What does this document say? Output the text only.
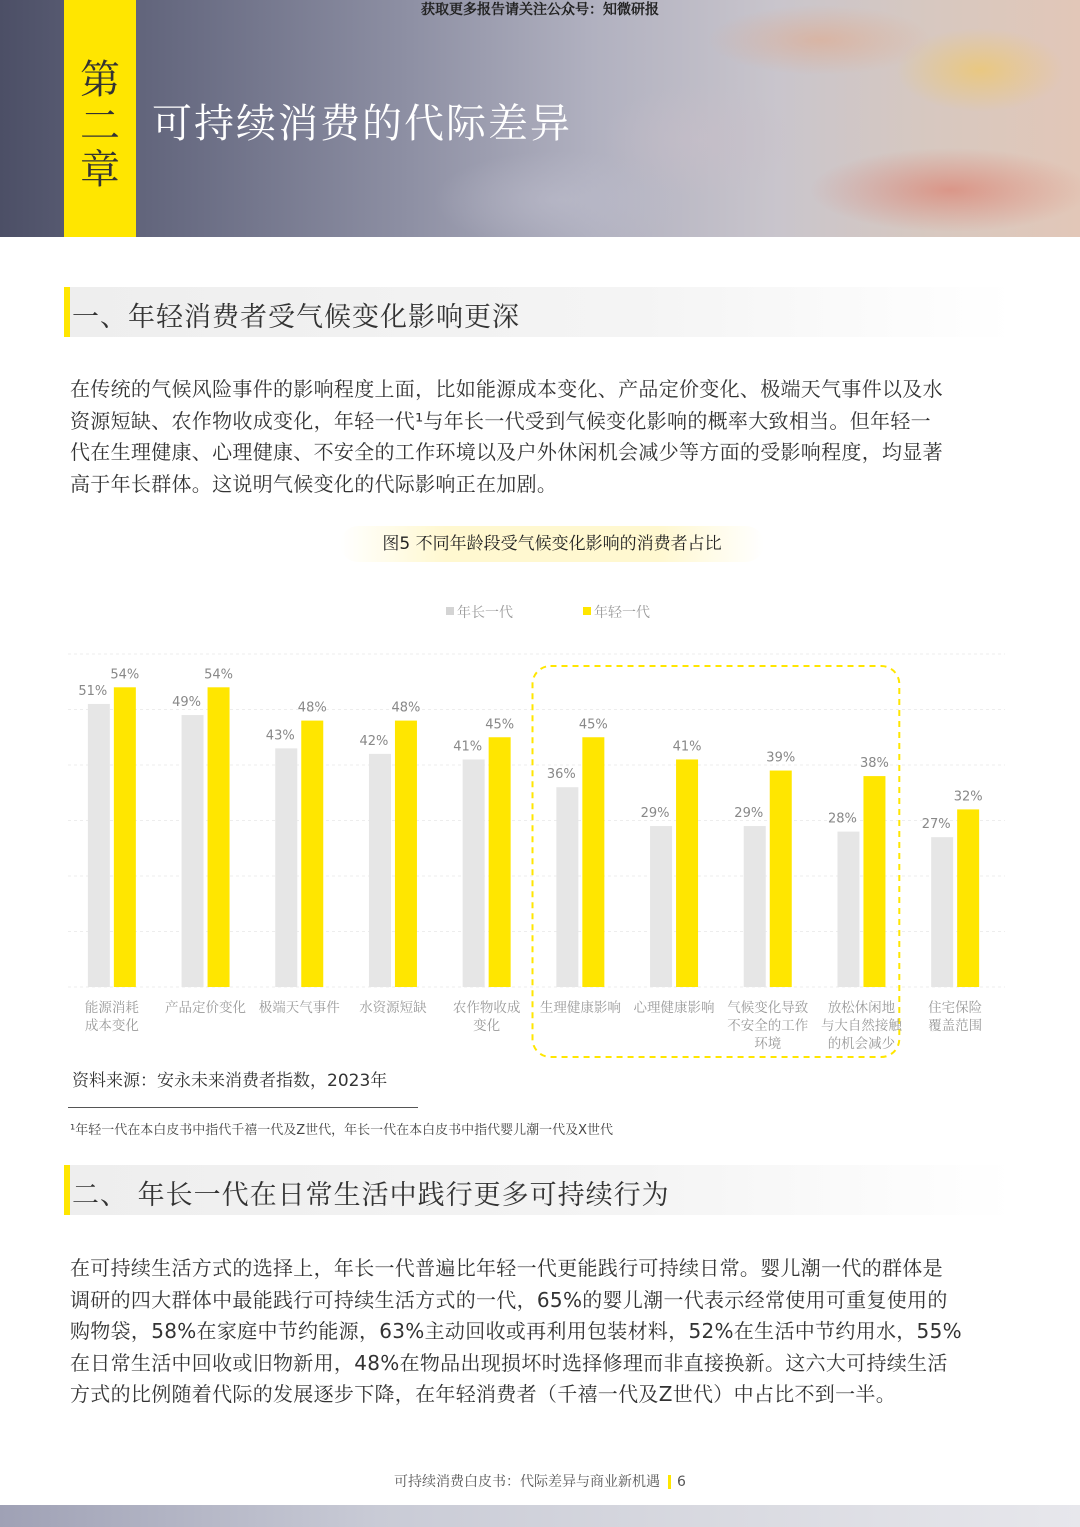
获取更多报告请关注公众号：知微研报
第
二
章
可持续消费的代际差异
一、年轻消费者受气候变化影响更深

在传统的气候风险事件的影响程度上面，比如能源成本变化、产品定价变化、极端天气事件以及水

资源短缺、农作物收成变化，年轻一代¹与年长一代受到气候变化影响的概率大致相当。但年轻一

代在生理健康、心理健康、不安全的工作环境以及户外休闲机会减少等方面的受影响程度，均显著

高于年长群体。这说明气候变化的代际影响正在加剧。

图5 不同年龄段受气候变化影响的消费者占比
年长一代	年轻一代
51%
54%
能源消耗
成本变化
49%
54%
产品定价变化
43%
48%
极端天气事件
42%
48%
水资源短缺
41%
45%
农作物收成
变化
36%
45%
生理健康影响
29%
41%
心理健康影响
29%
39%
气候变化导致
不安全的工作
环境
28%
38%
放松休闲地
与大自然接触
的机会减少
27%
32%
住宅保险
覆盖范围
资料来源：安永未来消费者指数，2023年
¹年轻一代在本白皮书中指代千禧一代及Z世代，年长一代在本白皮书中指代婴儿潮一代及X世代
二、 年长一代在日常生活中践行更多可持续行为

在可持续生活方式的选择上，年长一代普遍比年轻一代更能践行可持续日常。婴儿潮一代的群体是

调研的四大群体中最能践行可持续生活方式的一代，65%的婴儿潮一代表示经常使用可重复使用的

购物袋，58%在家庭中节约能源，63%主动回收或再利用包装材料，52%在生活中节约用水，55%

在日常生活中回收或旧物新用，48%在物品出现损坏时选择修理而非直接换新。这六大可持续生活

方式的比例随着代际的发展逐步下降，在年轻消费者（千禧一代及Z世代）中占比不到一半。

可持续消费白皮书：代际差异与商业新机遇 6
